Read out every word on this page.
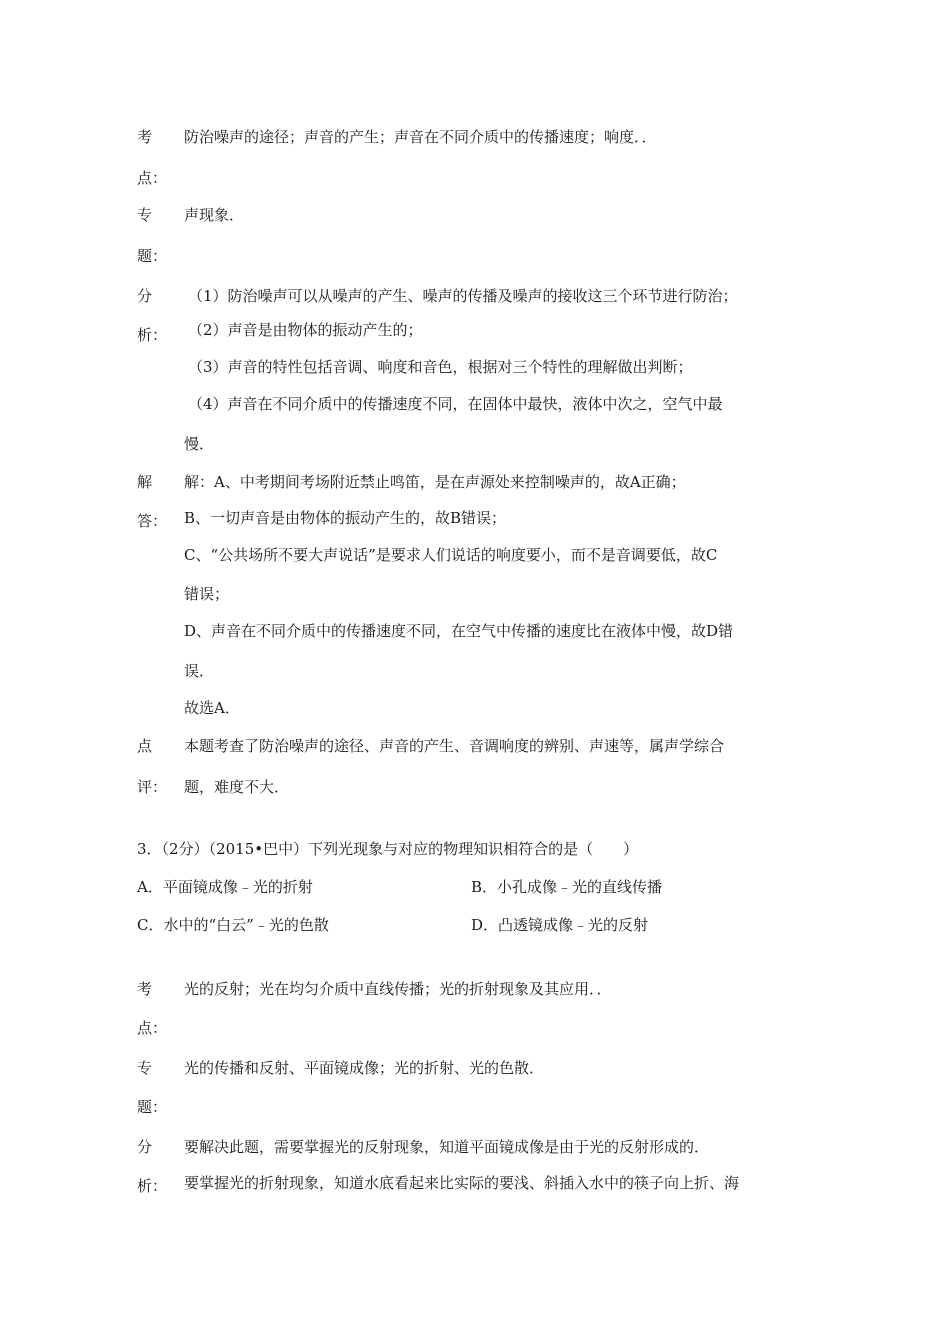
考 防治噪声的途径；声音的产生；声音在不同介质中的传播速度；响度．．
点：
专 声现象．
题：
分 （1）防治噪声可以从噪声的产生、噪声的传播及噪声的接收这三个环节进行防治；
析： （2）声音是由物体的振动产生的；
（3）声音的特性包括音调、响度和音色，根据对三个特性的理解做出判断；
（4）声音在不同介质中的传播速度不同，在固体中最快，液体中次之，空气中最
慢．
解 解：A、中考期间考场附近禁止鸣笛，是在声源处来控制噪声的，故A正确；
答： B、一切声音是由物体的振动产生的，故B错误；
C、“公共场所不要大声说话”是要求人们说话的响度要小，而不是音调要低，故C
错误；
D、声音在不同介质中的传播速度不同，在空气中传播的速度比在液体中慢，故D错
误．
故选A．
点 本题考查了防治噪声的途径、声音的产生、音调响度的辨别、声速等，属声学综合
评： 题，难度不大．
3．（2分）（2015•巴中）下列光现象与对应的物理知识相符合的是（　　）
A．平面镜成像﹣光的折射	B．小孔成像﹣光的直线传播
C．水中的“白云”﹣光的色散	D．凸透镜成像﹣光的反射
考 光的反射；光在均匀介质中直线传播；光的折射现象及其应用．．
点：
专 光的传播和反射、平面镜成像；光的折射、光的色散．
题：
分 要解决此题，需要掌握光的反射现象，知道平面镜成像是由于光的反射形成的．
析： 要掌握光的折射现象，知道水底看起来比实际的要浅、斜插入水中的筷子向上折、海
